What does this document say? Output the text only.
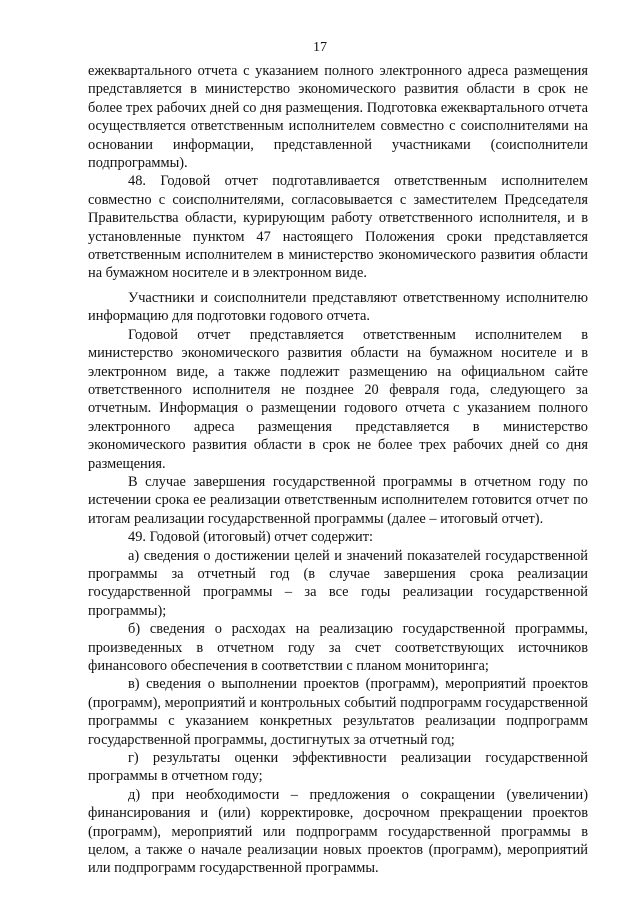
17

ежеквартального отчета с указанием полного электронного адреса размещения представляется в министерство экономического развития области в срок не более трех рабочих дней со дня размещения. Подготовка ежеквартального отчета осуществляется ответственным исполнителем совместно с соисполнителями на основании информации, представленной участниками (соисполнители подпрограммы).

48. Годовой отчет подготавливается ответственным исполнителем совместно с соисполнителями, согласовывается с заместителем Председателя Правительства области, курирующим работу ответственного исполнителя, и в установленные пунктом 47 настоящего Положения сроки представляется ответственным исполнителем в министерство экономического развития области на бумажном носителе и в электронном виде.

Участники и соисполнители представляют ответственному исполнителю информацию для подготовки годового отчета.

Годовой отчет представляется ответственным исполнителем в министерство экономического развития области на бумажном носителе и в электронном виде, а также подлежит размещению на официальном сайте ответственного исполнителя не позднее 20 февраля года, следующего за отчетным. Информация о размещении годового отчета с указанием полного электронного адреса размещения представляется в министерство экономического развития области в срок не более трех рабочих дней со дня размещения.

В случае завершения государственной программы в отчетном году по истечении срока ее реализации ответственным исполнителем готовится отчет по итогам реализации государственной программы (далее – итоговый отчет).

49. Годовой (итоговый) отчет содержит:

а) сведения о достижении целей и значений показателей государственной программы за отчетный год (в случае завершения срока реализации государственной программы – за все годы реализации государственной программы);

б) сведения о расходах на реализацию государственной программы, произведенных в отчетном году за счет соответствующих источников финансового обеспечения в соответствии с планом мониторинга;

в) сведения о выполнении проектов (программ), мероприятий проектов (программ), мероприятий и контрольных событий подпрограмм государственной программы с указанием конкретных результатов реализации подпрограмм государственной программы, достигнутых за отчетный год;

г) результаты оценки эффективности реализации государственной программы в отчетном году;

д) при необходимости – предложения о сокращении (увеличении) финансирования и (или) корректировке, досрочном прекращении проектов (программ), мероприятий или подпрограмм государственной программы в целом, а также о начале реализации новых проектов (программ), мероприятий или подпрограмм государственной программы.
